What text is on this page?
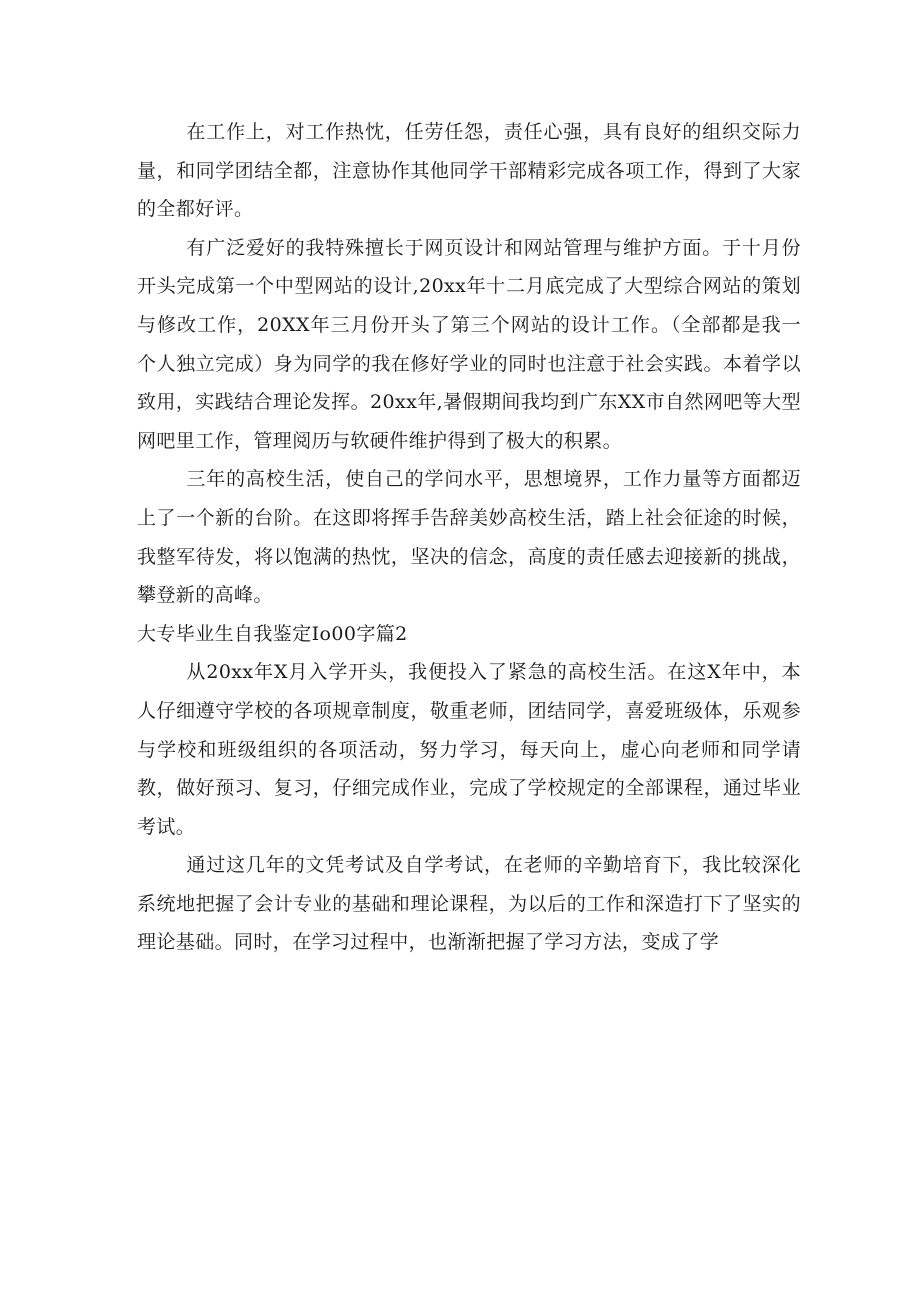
在工作上，对工作热忱，任劳任怨，责任心强，具有良好的组织交际力量，和同学团结全都，注意协作其他同学干部精彩完成各项工作，得到了大家的全都好评。

有广泛爱好的我特殊擅长于网页设计和网站管理与维护方面。于十月份开头完成第一个中型网站的设计,20xx年十二月底完成了大型综合网站的策划与修改工作，20XX年三月份开头了第三个网站的设计工作。（全部都是我一个人独立完成）身为同学的我在修好学业的同时也注意于社会实践。本着学以致用，实践结合理论发挥。20xx年,暑假期间我均到广东XX市自然网吧等大型网吧里工作，管理阅历与软硬件维护得到了极大的积累。

三年的高校生活，使自己的学问水平，思想境界，工作力量等方面都迈上了一个新的台阶。在这即将挥手告辞美妙高校生活，踏上社会征途的时候，我整军待发，将以饱满的热忱，坚决的信念，高度的责任感去迎接新的挑战，攀登新的高峰。

大专毕业生自我鉴定Io00字篇2

从20xx年X月入学开头，我便投入了紧急的高校生活。在这X年中，本人仔细遵守学校的各项规章制度，敬重老师，团结同学，喜爱班级体，乐观参与学校和班级组织的各项活动，努力学习，每天向上，虚心向老师和同学请教，做好预习、复习，仔细完成作业，完成了学校规定的全部课程，通过毕业考试。

通过这几年的文凭考试及自学考试，在老师的辛勤培育下，我比较深化系统地把握了会计专业的基础和理论课程，为以后的工作和深造打下了坚实的理论基础。同时，在学习过程中，也渐渐把握了学习方法，变成了学
